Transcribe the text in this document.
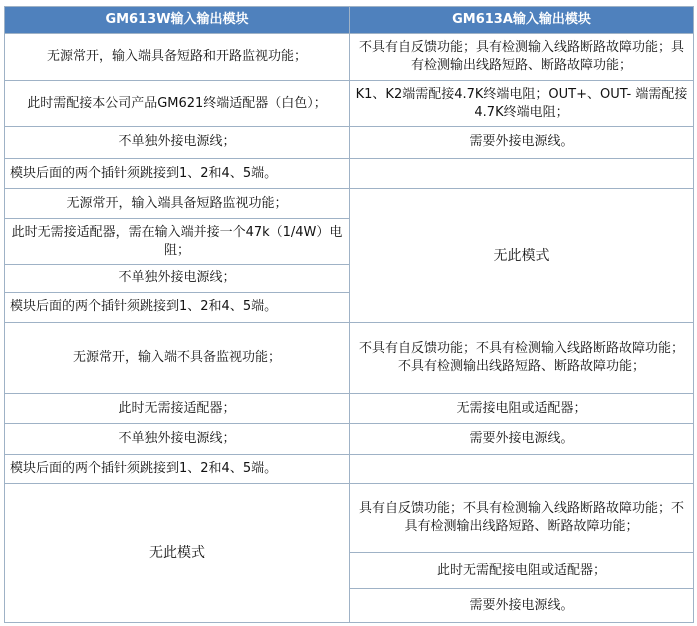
GM613W输入输出模块	GM613A输入输出模块
无源常开，输入端具备短路和开路监视功能；	不具有自反馈功能；具有检测输入线路断路故障功能；具有检测输出线路短路、断路故障功能；
此时需配接本公司产品GM621终端适配器（白色）；	K1、K2端需配接4.7K终端电阻；OUT+、OUT- 端需配接4.7K终端电阻；
不单独外接电源线；	需要外接电源线。
模块后面的两个插针须跳接到1、2和4、5端。	
无源常开，输入端具备短路监视功能；	无此模式
此时无需接适配器，需在输入端并接一个47k（1/4W）电阻；	
不单独外接电源线；	
模块后面的两个插针须跳接到1、2和4、5端。	
无源常开，输入端不具备监视功能；	不具有自反馈功能；不具有检测输入线路断路故障功能；不具有检测输出线路短路、断路故障功能；
此时无需接适配器；	无需接电阻或适配器；
不单独外接电源线；	需要外接电源线。
模块后面的两个插针须跳接到1、2和4、5端。	
无此模式	具有自反馈功能；不具有检测输入线路断路故障功能；不具有检测输出线路短路、断路故障功能；
	此时无需配接电阻或适配器；
	需要外接电源线。
